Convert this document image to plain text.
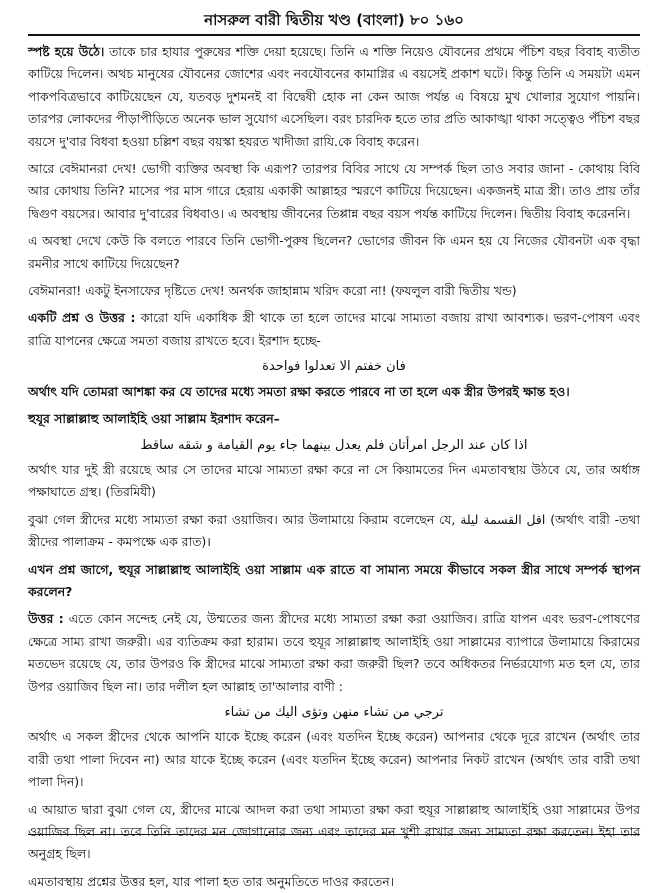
নাসরুল বারী দ্বিতীয় খণ্ড (বাংলা) ৮০ ১৬০

স্পষ্ট হয়ে উঠে। তাকে চার হাযার পুরুষের শক্তি দেয়া হয়েছে। তিনি এ শক্তি নিয়েও যৌবনের প্রথমে পঁচিশ বছর বিবাহ ব্যতীত কাটিয়ে দিলেন। অথচ মানুষের যৌবনের জোশের এবং নবযৌবনের কামাগ্নির এ বয়সেই প্রকাশ ঘটে। কিন্তু তিনি এ সময়টা এমন পাকপবিত্রভাবে কাটিয়েছেন যে, যতবড় দুশমনই বা বিদ্বেষী হোক না কেন আজ পর্যন্ত এ বিষয়ে মুখ খোলার সুযোগ পায়নি। তারপর লোকদের পীড়াপীড়িতে অনেক ভাল সুযোগ এসেছিল। বরং চারদিক হতে তার প্রতি আকাঙ্খা থাকা সত্ত্বেও পঁচিশ বছর বয়সে দু'বার বিধবা হওয়া চল্লিশ বছর বয়স্কা হযরত খাদীজা রাযি.কে বিবাহ করেন।

আরে বেঈমানরা দেখ! ভোগী ব্যক্তির অবস্থা কি এরূপ? তারপর বিবির সাথে যে সম্পর্ক ছিল তাও সবার জানা - কোথায় বিবি আর কোথায় তিনি? মাসের পর মাস গারে হেরায় একাকী আল্লাহর স্মরণে কাটিয়ে দিয়েছেন। একজনই মাত্র স্ত্রী। তাও প্রায় তাঁর দ্বিগুণ বয়সের। আবার দু'বারের বিধবাও। এ অবস্থায় জীবনের তিপ্পান্ন বছর বয়স পর্যন্ত কাটিয়ে দিলেন। দ্বিতীয় বিবাহ করেননি।

এ অবস্থা দেখে কেউ কি বলতে পারবে তিনি ভোগী-পুরুষ ছিলেন? ভোগের জীবন কি এমন হয় যে নিজের যৌবনটা এক বৃদ্ধা রমনীর সাথে কাটিয়ে দিয়েছেন?

বেঈমানরা! একটু ইনসাফের দৃষ্টিতে দেখ! অনর্থক জাহান্নাম খরিদ করো না! (ফযলুল বারী দ্বিতীয় খন্ড)

একটি প্রশ্ন ও উত্তর : কারো যদি একাধিক স্ত্রী থাকে তা হলে তাদের মাঝে সাম্যতা বজায় রাখা আবশ্যক। ভরণ-পোষণ এবং রাত্রি যাপনের ক্ষেত্রে সমতা বজায় রাখতে হবে। ইরশাদ হচ্ছে-

فان خفتم الا تعدلوا فواحدة

অর্থাৎ যদি তোমরা আশঙ্কা কর যে তাদের মধ্যে সমতা রক্ষা করতে পারবে না তা হলে এক স্ত্রীর উপরই ক্ষান্ত হও।

হুযূর সাল্লাল্লাহু আলাইহি ওয়া সাল্লাম ইরশাদ করেন–

اذا كان عند الرجل امرأتان فلم يعدل بينهما جاء يوم القيامة و شقه ساقط

অর্থাৎ যার দুই স্ত্রী রয়েছে আর সে তাদের মাঝে সাম্যতা রক্ষা করে না সে কিয়ামতের দিন এমতাবস্থায় উঠবে যে, তার অর্ধাঙ্গ পক্ষাঘাতে গ্রস্থ। (তিরমিযী)

বুঝা গেল স্ত্রীদের মধ্যে সাম্যতা রক্ষা করা ওয়াজিব। আর উলামায়ে কিরাম বলেছেন যে, اقل القسمة ليلة (অর্থাৎ বারী -তথা স্ত্রীদের পালাক্রম - কমপক্ষে এক রাত)।

এখন প্রশ্ন জাগে, হুযূর সাল্লাল্লাহু আলাইহি ওয়া সাল্লাম এক রাতে বা সামান্য সময়ে কীভাবে সকল স্ত্রীর সাথে সম্পর্ক স্থাপন করলেন?

উত্তর : এতে কোন সন্দেহ নেই যে, উম্মতের জন্য স্ত্রীদের মধ্যে সাম্যতা রক্ষা করা ওয়াজিব। রাত্রি যাপন এবং ভরণ-পোষণের ক্ষেত্রে সাম্য রাখা জরুরী। এর ব্যতিক্রম করা হারাম। তবে হুযূর সাল্লাল্লাহু আলাইহি ওয়া সাল্লামের ব্যাপারে উলামায়ে কিরামের মতভেদ রয়েছে যে, তার উপরও কি স্ত্রীদের মাঝে সাম্যতা রক্ষা করা জরুরী ছিল? তবে অধিকতর নির্ভরযোগ্য মত হল যে, তার উপর ওয়াজিব ছিল না। তার দলীল হল আল্লাহ তা'আলার বাণী :

ترجي من تشاء منهن وتؤى اليك من تشاء

অর্থাৎ এ সকল স্ত্রীদের থেকে আপনি যাকে ইচ্ছে করেন (এবং যতদিন ইচ্ছে করেন) আপনার থেকে দূরে রাখেন (অর্থাৎ তার বারী তথা পালা দিবেন না) আর যাকে ইচ্ছে করেন (এবং যতদিন ইচ্ছে করেন) আপনার নিকট রাখেন (অর্থাৎ তার বারী তথা পালা দিন)।

এ আয়াত দ্বারা বুঝা গেল যে, স্ত্রীদের মাঝে আদল করা তথা সাম্যতা রক্ষা করা হুযূর সাল্লাল্লাহু আলাইহি ওয়া সাল্লামের উপর ওয়াজিব ছিল না। তবে তিনি তাদের মন জোগানোর জন্য এবং তাদের মন খুশী রাখার জন্য সাম্যতা রক্ষা করতেন। ইহা তার অনুগ্রহ ছিল।

এমতাবস্থায় প্রশ্নের উত্তর হল, যার পালা হত তার অনুমতিতে দাওর করতেন।
